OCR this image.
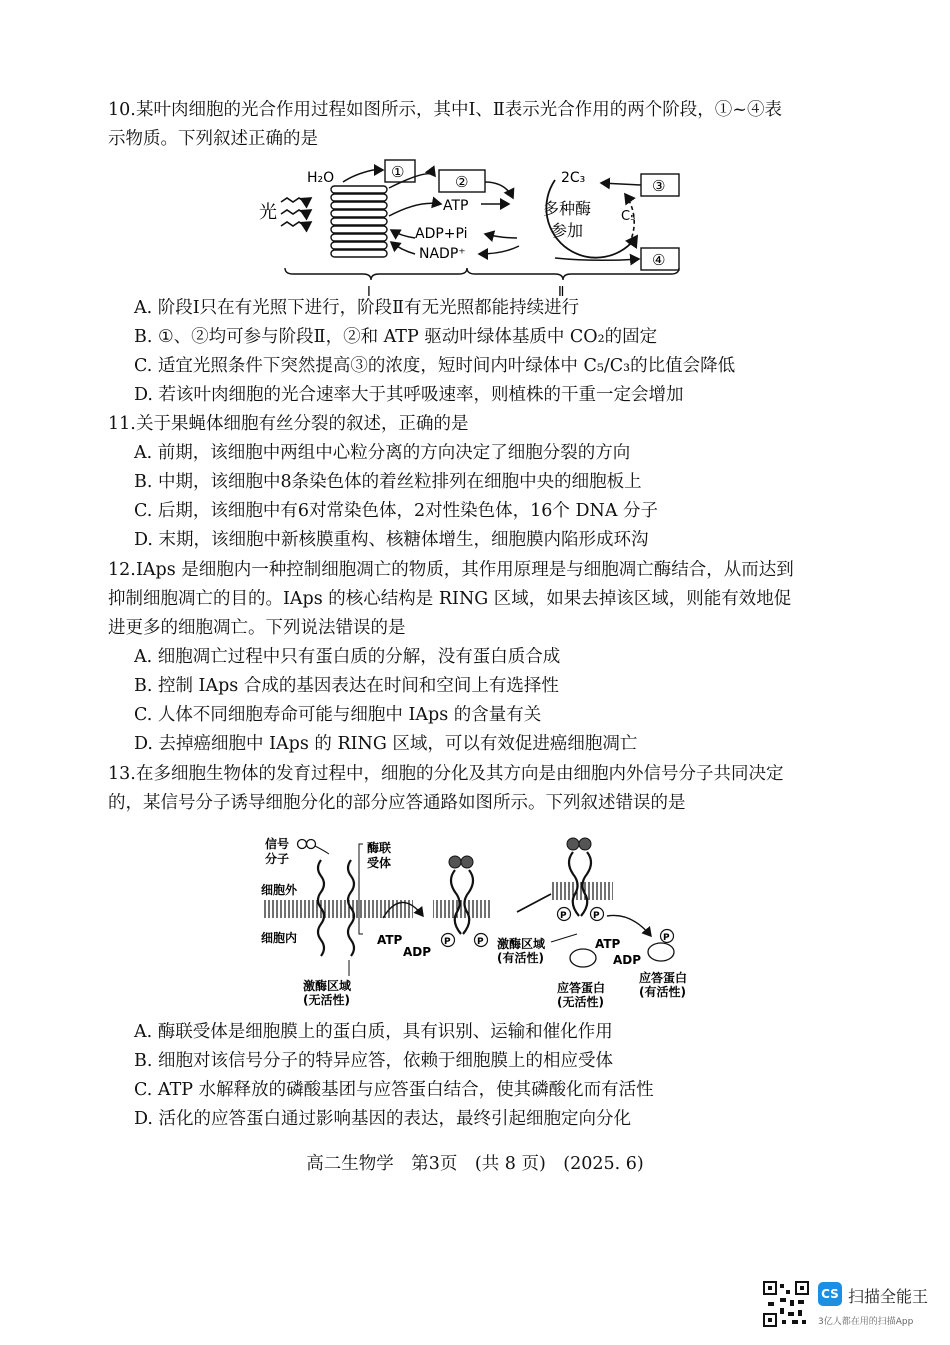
10.某叶肉细胞的光合作用过程如图所示，其中Ⅰ、Ⅱ表示光合作用的两个阶段，①~④表

示物质。下列叙述正确的是

光
H₂O	①
②
ATP
ADP+Pi
NADP⁺
2C₃
C₅
多种酶
参加
③
④
Ⅰ	Ⅱ

A. 阶段Ⅰ只在有光照下进行，阶段Ⅱ有无光照都能持续进行

B. ①、②均可参与阶段Ⅱ，②和 ATP 驱动叶绿体基质中 CO₂的固定

C. 适宜光照条件下突然提高③的浓度，短时间内叶绿体中 C₅/C₃的比值会降低

D. 若该叶肉细胞的光合速率大于其呼吸速率，则植株的干重一定会增加

11.关于果蝇体细胞有丝分裂的叙述，正确的是

A. 前期，该细胞中两组中心粒分离的方向决定了细胞分裂的方向

B. 中期，该细胞中8条染色体的着丝粒排列在细胞中央的细胞板上

C. 后期，该细胞中有6对常染色体，2对性染色体，16个 DNA 分子

D. 末期，该细胞中新核膜重构、核糖体增生，细胞膜内陷形成环沟

12.IAps 是细胞内一种控制细胞凋亡的物质，其作用原理是与细胞凋亡酶结合，从而达到

抑制细胞凋亡的目的。IAps 的核心结构是 RING 区域，如果去掉该区域，则能有效地促

进更多的细胞凋亡。下列说法错误的是

A. 细胞凋亡过程中只有蛋白质的分解，没有蛋白质合成

B. 控制 IAps 合成的基因表达在时间和空间上有选择性

C. 人体不同细胞寿命可能与细胞中 IAps 的含量有关

D. 去掉癌细胞中 IAps 的 RING 区域，可以有效促进癌细胞凋亡

13.在多细胞生物体的发育过程中，细胞的分化及其方向是由细胞内外信号分子共同决定

的，某信号分子诱导细胞分化的部分应答通路如图所示。下列叙述错误的是

信号
分子
酶联
受体
细胞外
细胞内
激酶区域
(无活性)
ATP
ADP
P	P
P	P
激酶区域
(有活性)
ATP
ADP
P
应答蛋白
(无活性)
应答蛋白
(有活性)

A. 酶联受体是细胞膜上的蛋白质，具有识别、运输和催化作用

B. 细胞对该信号分子的特异应答，依赖于细胞膜上的相应受体

C. ATP 水解释放的磷酸基团与应答蛋白结合，使其磷酸化而有活性

D. 活化的应答蛋白通过影响基因的表达，最终引起细胞定向分化

高二生物学　第3页　(共 8 页)　(2025. 6)
CS 扫描全能王
3亿人都在用的扫描App
